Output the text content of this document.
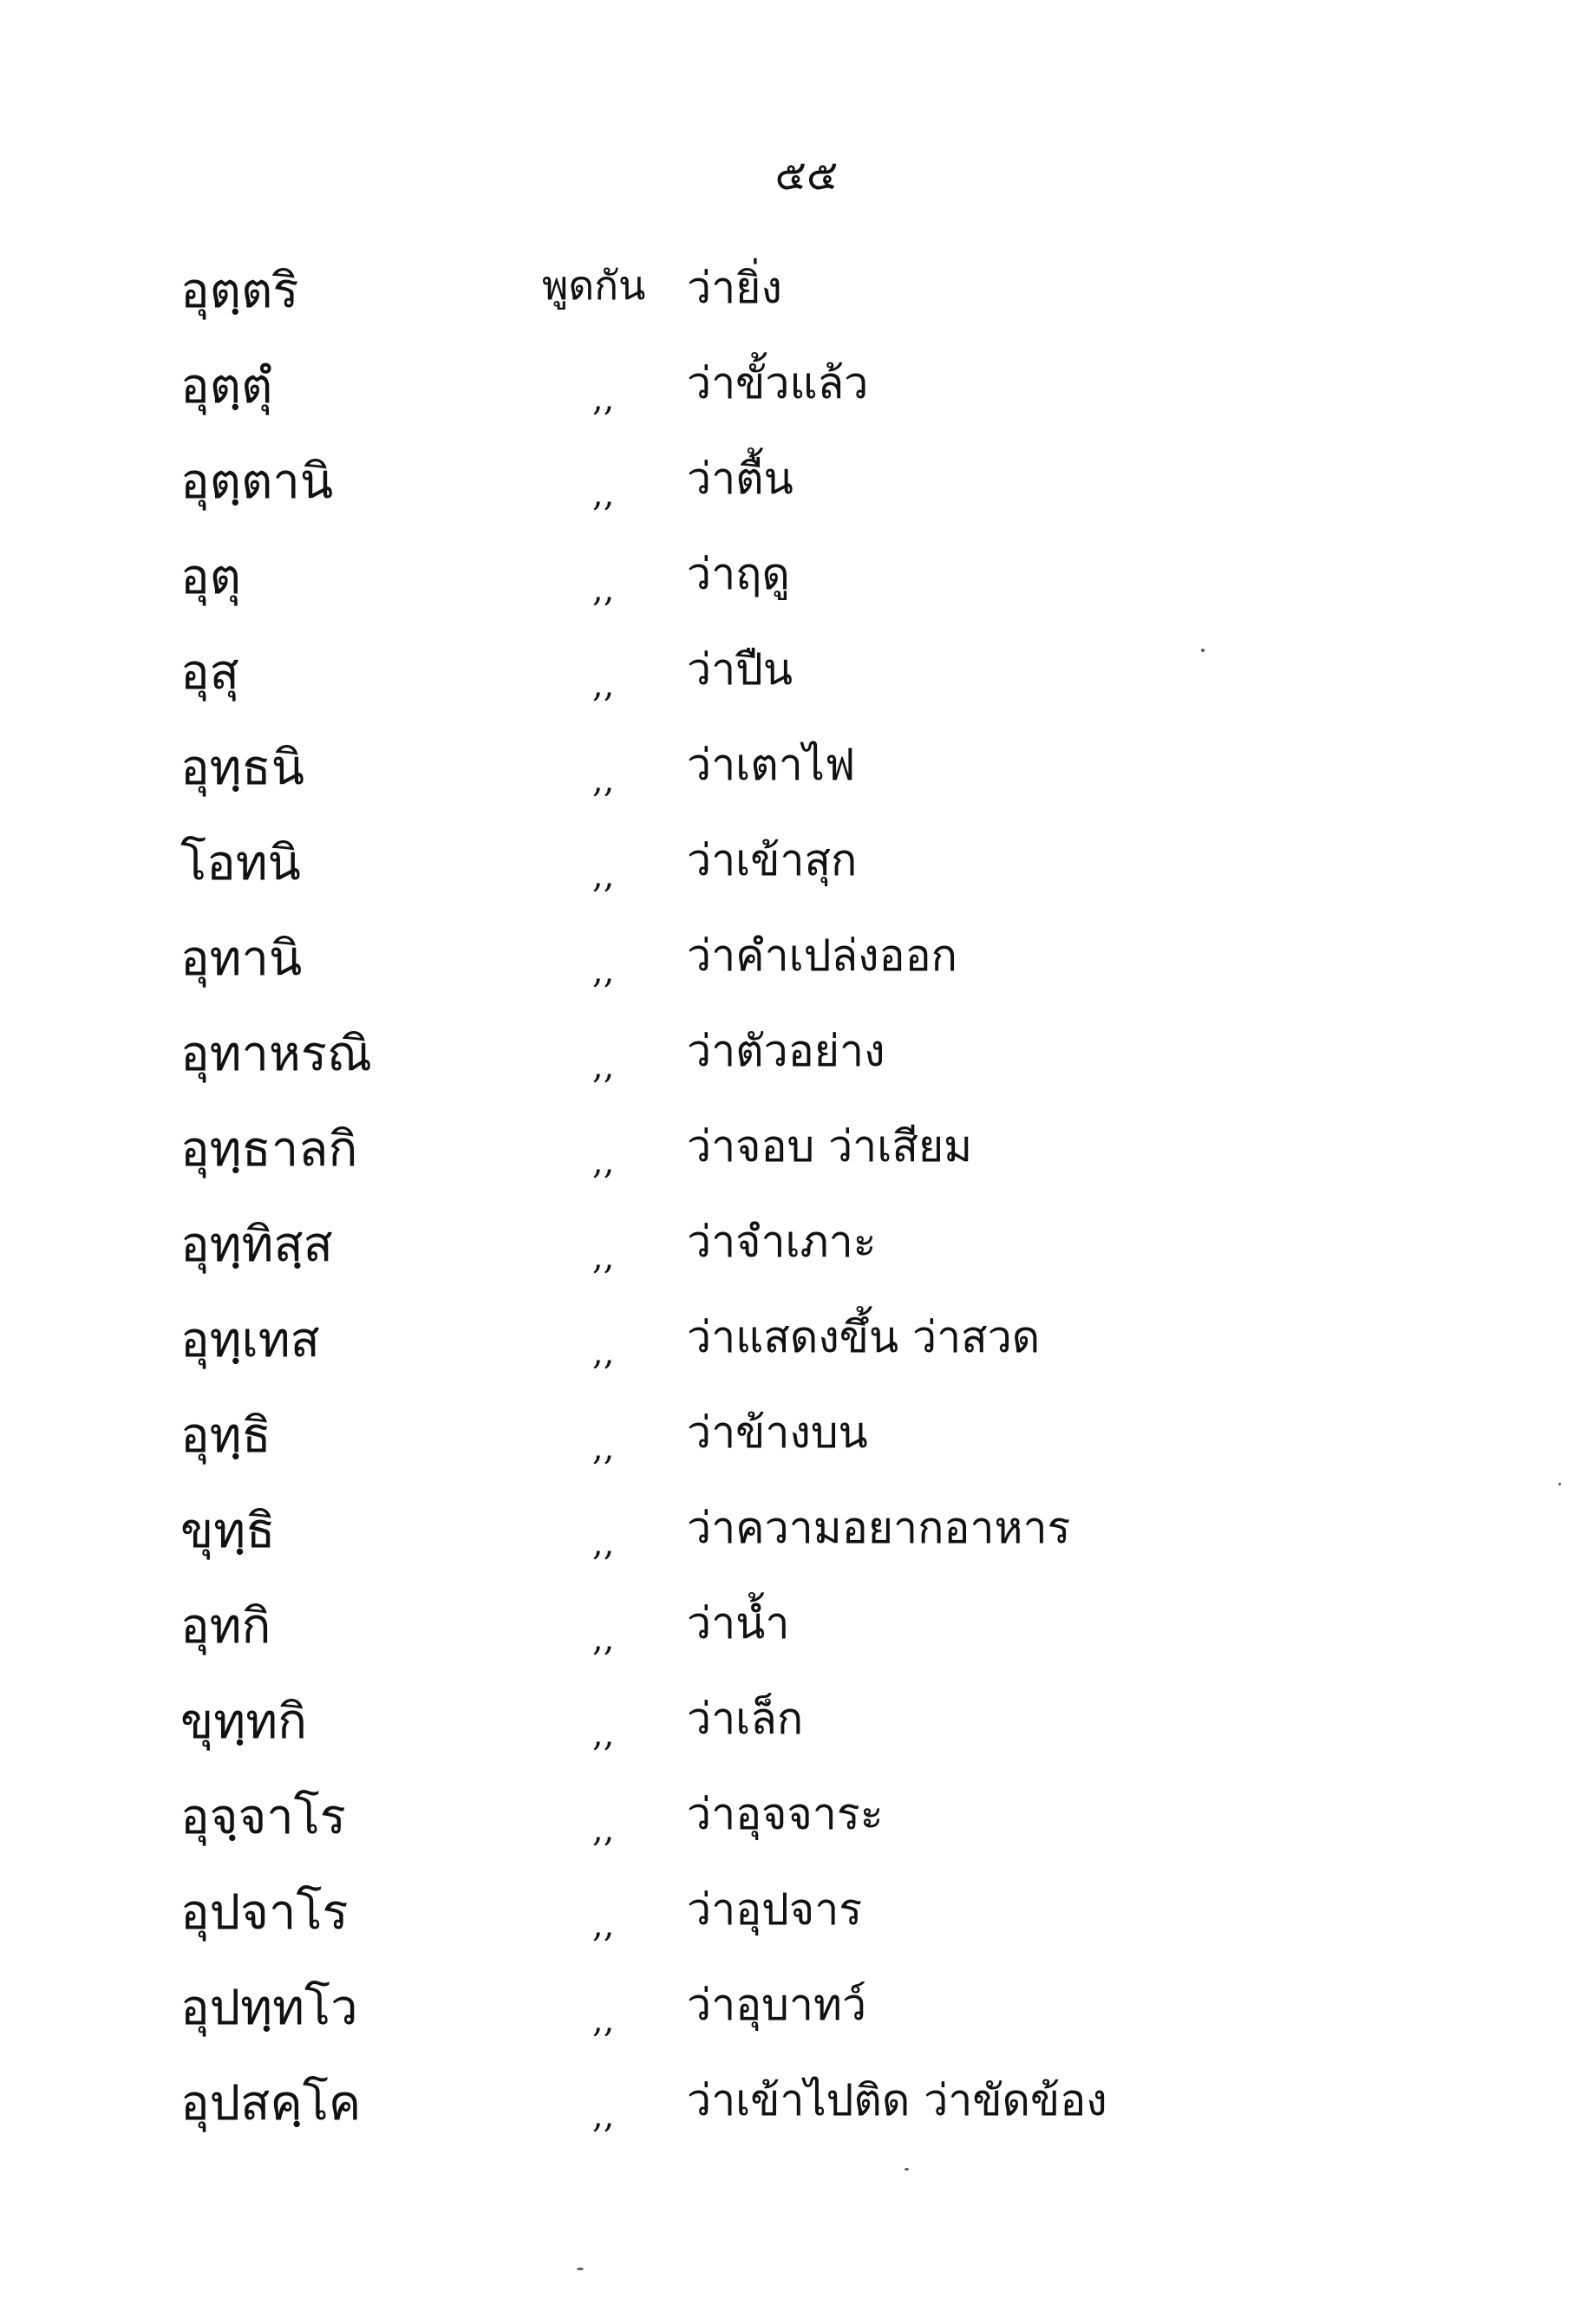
๕๕
อุตฺตริ	พูดกัน ว่ายิ่ง
อุตฺตุํ	,, ว่าขั้วแล้ว
อุตฺตานิ	,, ว่าตื้น
อุตุ	,, ว่าฤดู
อุสุ	,, ว่าปืน
อุทฺธนิ	,, ว่าเตาไฟ
โอทนิ	,, ว่าเข้าสุก
อุทานิ	,, ว่าคำเปล่งออก
อุทาหรณิ	,, ว่าตัวอย่าง
อุทฺธาลกิ	,, ว่าจอบ ว่าเสียม
อุทฺทิสฺส	,, ว่าจำเภาะ
อุทฺเทส	,, ว่าแสดงขึ้น ว่าสวด
อุทฺธิ	,, ว่าข้างบน
ขุทฺธิ	,, ว่าความอยากอาหาร
อุทกิ	,, ว่าน้ำ
ขุทฺทกิ	,, ว่าเล็ก
อุจฺจาโร	,, ว่าอุจจาระ
อุปจาโร	,, ว่าอุปจาร
อุปทฺทโว	,, ว่าอุบาทว์
อุปสคฺโค	,, ว่าเข้าไปติด ว่าขัดข้อง
